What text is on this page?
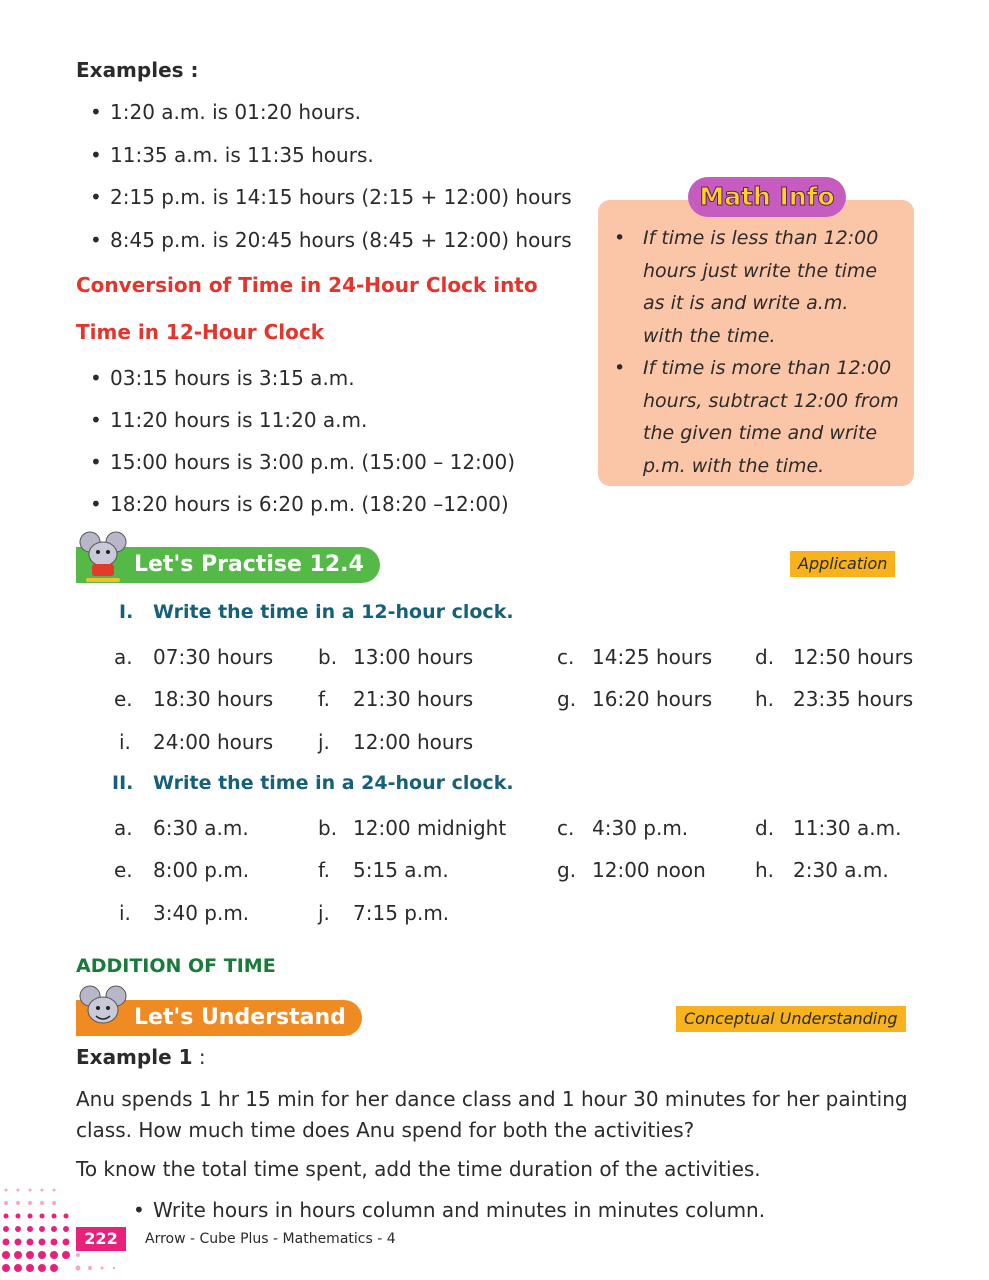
Examples :
• 1:20 a.m. is 01:20 hours.
• 11:35 a.m. is 11:35 hours.
• 2:15 p.m. is 14:15 hours (2:15 + 12:00) hours
• 8:45 p.m. is 20:45 hours (8:45 + 12:00) hours
Conversion of Time in 24-Hour Clock into
Time in 12-Hour Clock
• 03:15 hours is 3:15 a.m.
• 11:20 hours is 11:20 a.m.
• 15:00 hours is 3:00 p.m. (15:00 – 12:00)
• 18:20 hours is 6:20 p.m. (18:20 –12:00)
Math Info
• If time is less than 12:00
hours just write the time
as it is and write a.m.
with the time.
• If time is more than 12:00
hours, subtract 12:00 from
the given time and write
p.m. with the time.
Let's Practise 12.4	Application
I. Write the time in a 12-hour clock.
a. 07:30 hours b. 13:00 hours	c. 14:25 hours d. 12:50 hours
e. 18:30 hours f. 21:30 hours	g. 16:20 hours h. 23:35 hours
i. 24:00 hours j. 12:00 hours
II. Write the time in a 24-hour clock.
a. 6:30 a.m.	b. 12:00 midnight	c. 4:30 p.m.	d. 11:30 a.m.
e. 8:00 p.m.	f. 5:15 a.m.	g. 12:00 noon h. 2:30 a.m.
i. 3:40 p.m.	j. 7:15 p.m.
ADDITION OF TIME
Let's Understand	Conceptual Understanding
Example 1 :
Anu spends 1 hr 15 min for her dance class and 1 hour 30 minutes for her painting
class. How much time does Anu spend for both the activities?
To know the total time spent, add the time duration of the activities.
• Write hours in hours column and minutes in minutes column.
222	Arrow - Cube Plus - Mathematics - 4
